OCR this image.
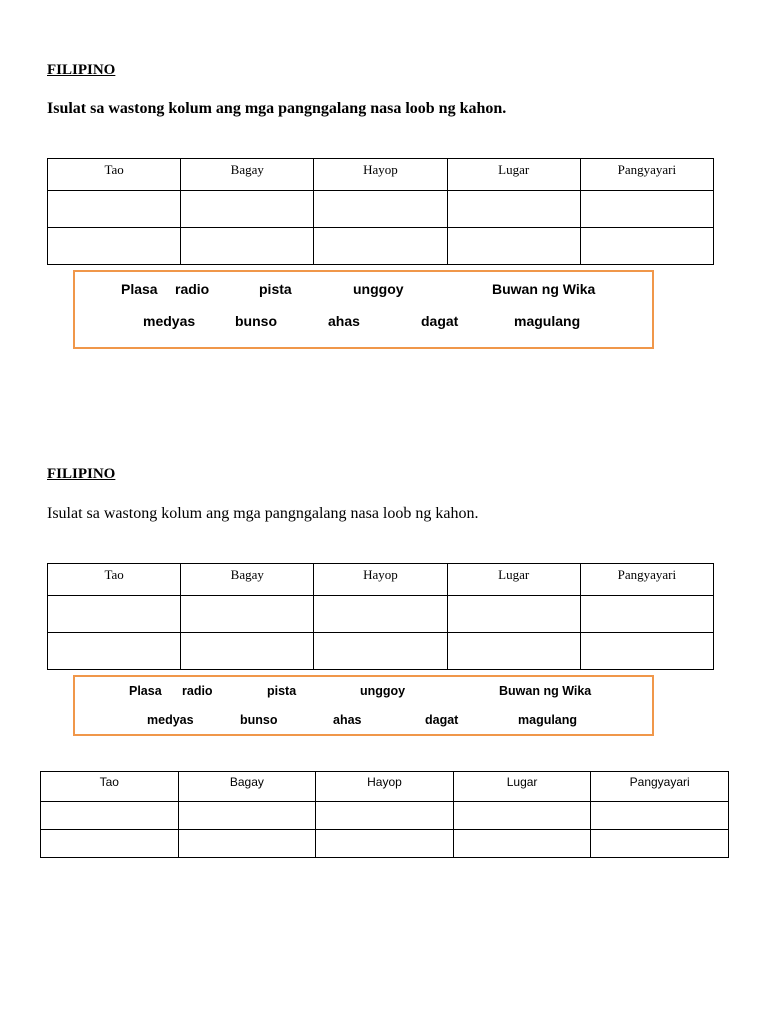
FILIPINO
Isulat sa wastong kolum ang mga pangngalang nasa loob ng kahon.
Tao	Bagay	Hayop	Lugar	Pangyayari

Plasa radio	pista	unggoy	Buwan ng Wika
medyas	bunso	ahas	dagat	magulang
FILIPINO
Isulat sa wastong kolum ang mga pangngalang nasa loob ng kahon.
Tao	Bagay	Hayop	Lugar	Pangyayari

Plasa radio	pista	unggoy	Buwan ng Wika
medyas	bunso	ahas	dagat	magulang
Tao	Bagay	Hayop	Lugar	Pangyayari
